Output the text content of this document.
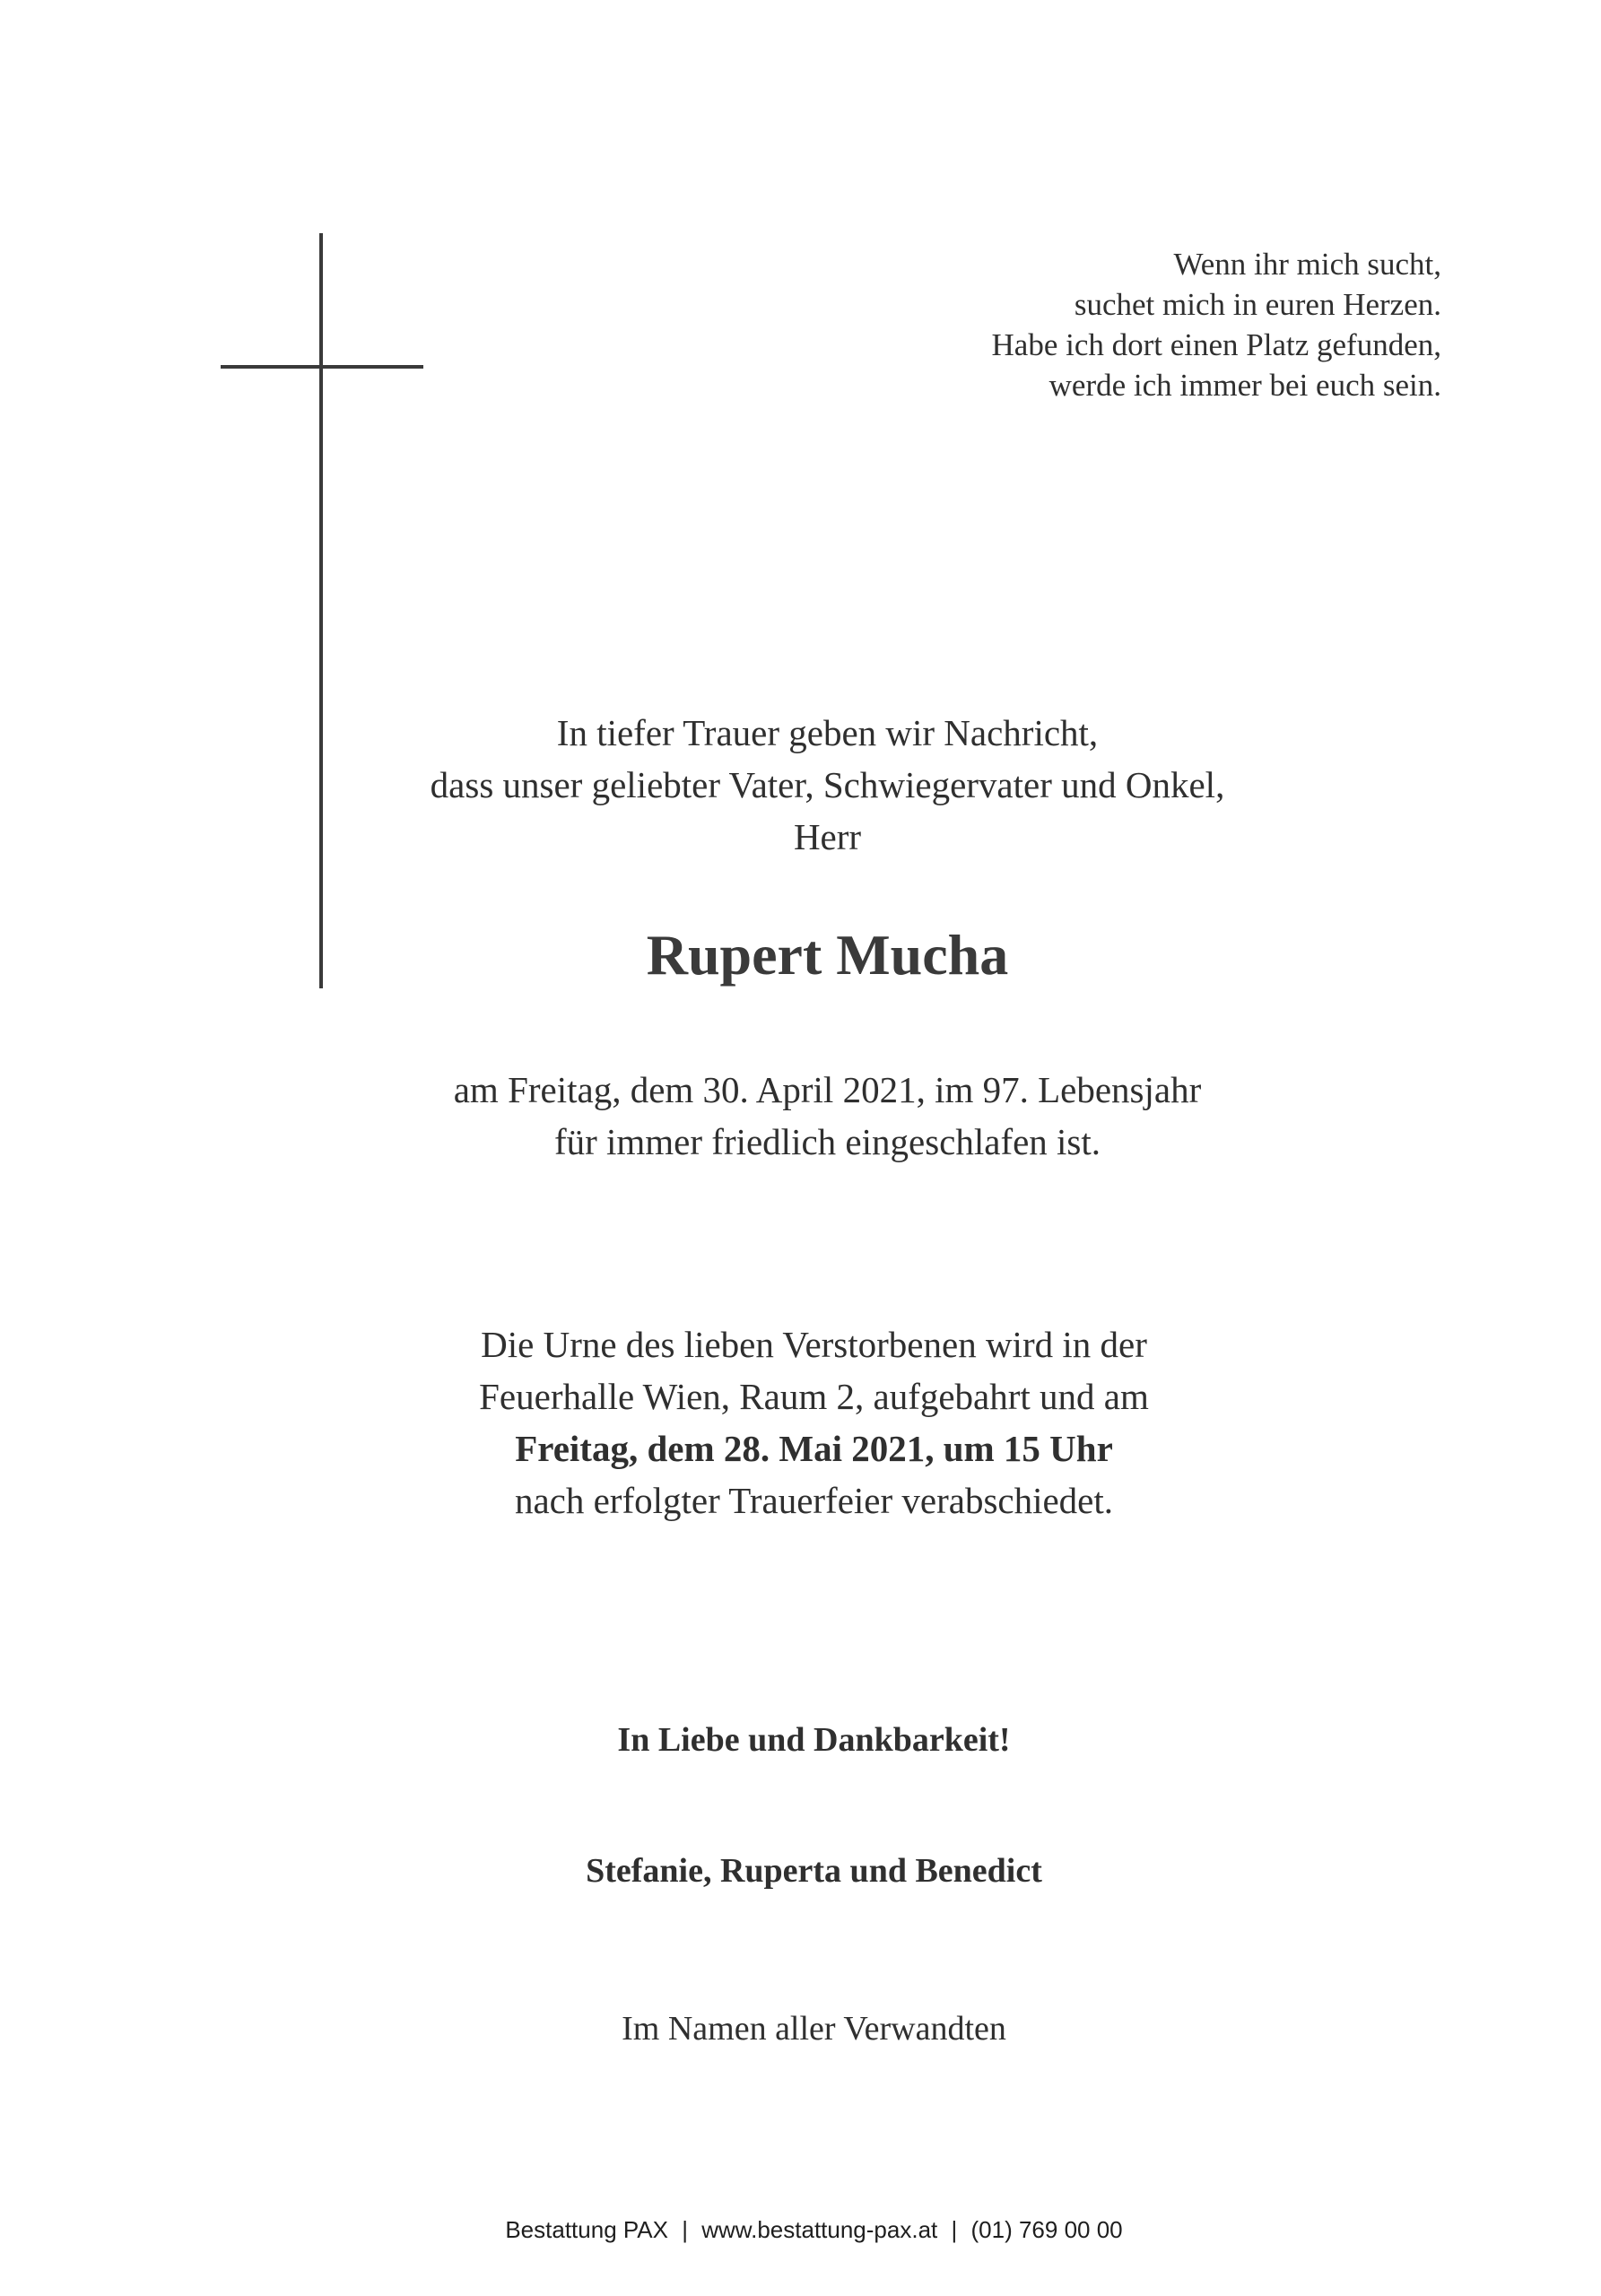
Wenn ihr mich sucht,
suchet mich in euren Herzen.
Habe ich dort einen Platz gefunden,
werde ich immer bei euch sein.
In tiefer Trauer geben wir Nachricht,
dass unser geliebter Vater, Schwiegervater und Onkel,
Herr
Rupert Mucha
am Freitag, dem 30. April 2021, im 97. Lebensjahr
für immer friedlich eingeschlafen ist.
Die Urne des lieben Verstorbenen wird in der
Feuerhalle Wien, Raum 2, aufgebahrt und am
Freitag, dem 28. Mai 2021, um 15 Uhr
nach erfolgter Trauerfeier verabschiedet.
In Liebe und Dankbarkeit!
Stefanie, Ruperta und Benedict
Im Namen aller Verwandten
Bestattung PAX | www.bestattung-pax.at | (01) 769 00 00
